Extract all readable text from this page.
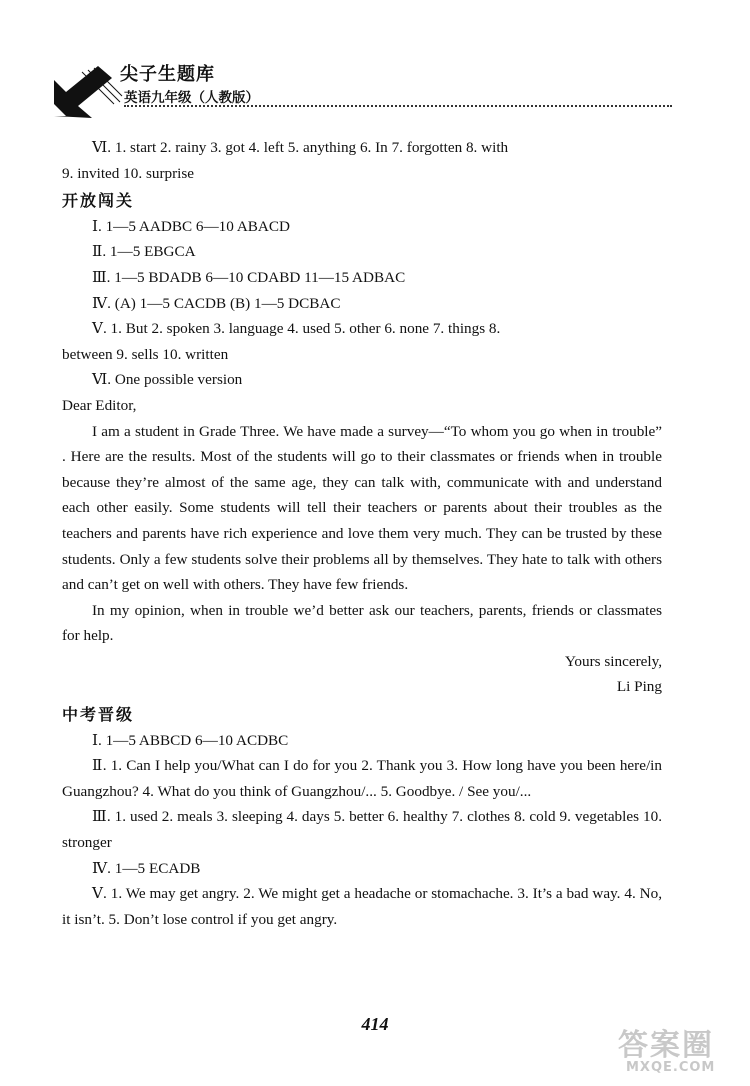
尖子生题库
英语九年级（人教版）
Ⅵ. 1. start 2. rainy 3. got 4. left 5. anything 6. In 7. forgotten 8. with
9. invited 10. surprise
开放闯关
Ⅰ. 1—5 AADBC 6—10 ABACD
Ⅱ. 1—5 EBGCA
Ⅲ. 1—5 BDADB 6—10 CDABD 11—15 ADBAC
Ⅳ. (A) 1—5 CACDB (B) 1—5 DCBAC
Ⅴ. 1. But 2. spoken 3. language 4. used 5. other 6. none 7. things 8.
between 9. sells 10. written
Ⅵ. One possible version
Dear Editor,
I am a student in Grade Three. We have made a survey—“To whom you go when in trouble” . Here are the results. Most of the students will go to their classmates or friends when in trouble because they’re almost of the same age, they can talk with, communicate with and understand each other easily. Some students will tell their teachers or parents about their troubles as the teachers and parents have rich experience and love them very much. They can be trusted by these students. Only a few students solve their problems all by themselves. They hate to talk with others and can’t get on well with others. They have few friends.
In my opinion, when in trouble we’d better ask our teachers, parents, friends or classmates for help.
Yours sincerely,
Li Ping
中考晋级
Ⅰ. 1—5 ABBCD 6—10 ACDBC
Ⅱ. 1. Can I help you/What can I do for you 2. Thank you 3. How long have you been here/in Guangzhou? 4. What do you think of Guangzhou/... 5. Goodbye. / See you/...
Ⅲ. 1. used 2. meals 3. sleeping 4. days 5. better 6. healthy 7. clothes 8. cold 9. vegetables 10. stronger
Ⅳ. 1—5 ECADB
Ⅴ. 1. We may get angry. 2. We might get a headache or stomachache. 3. It’s a bad way. 4. No, it isn’t. 5. Don’t lose control if you get angry.
414
答案圈
MXQE.COM
